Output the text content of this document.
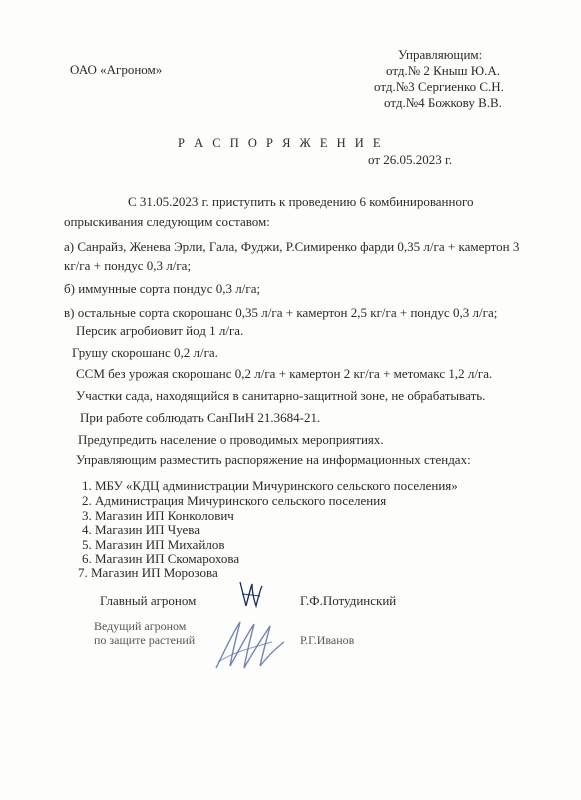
ОАО «Агроном»
Управляющим:
отд.№ 2 Кныш Ю.А.
отд.№3 Сергиенко С.Н.
отд.№4 Божкову В.В.
Р А С П О Р Я Ж Е Н И Е
от 26.05.2023 г.
С 31.05.2023 г. приступить к проведению 6 комбинированного
опрыскивания следующим составом:
а) Санрайз, Женева Эрли, Гала, Фуджи, Р.Симиренко фарди 0,35 л/га + камертон 3
кг/га + пондус 0,3 л/га;
б) иммунные сорта пондус 0,3 л/га;
в) остальные сорта скорошанс 0,35 л/га + камертон 2,5 кг/га + пондус 0,3 л/га;
Персик агробиовит йод 1 л/га.
Грушу скорошанс 0,2 л/га.
ССМ без урожая скорошанс 0,2 л/га + камертон 2 кг/га + метомакс 1,2 л/га.
Участки сада, находящийся в санитарно-защитной зоне, не обрабатывать.
При работе соблюдать СанПиН 21.3684-21.
Предупредить население о проводимых мероприятиях.
Управляющим разместить распоряжение на информационных стендах:
1. МБУ «КДЦ администрации Мичуринского сельского поселения»
2. Администрация Мичуринского сельского поселения
3. Магазин ИП Конколович
4. Магазин ИП Чуева
5. Магазин ИП Михайлов
6. Магазин ИП Скомарохова
7. Магазин ИП Морозова
Главный агроном	Г.Ф.Потудинский
Ведущий агроном
по защите растений	Р.Г.Иванов
